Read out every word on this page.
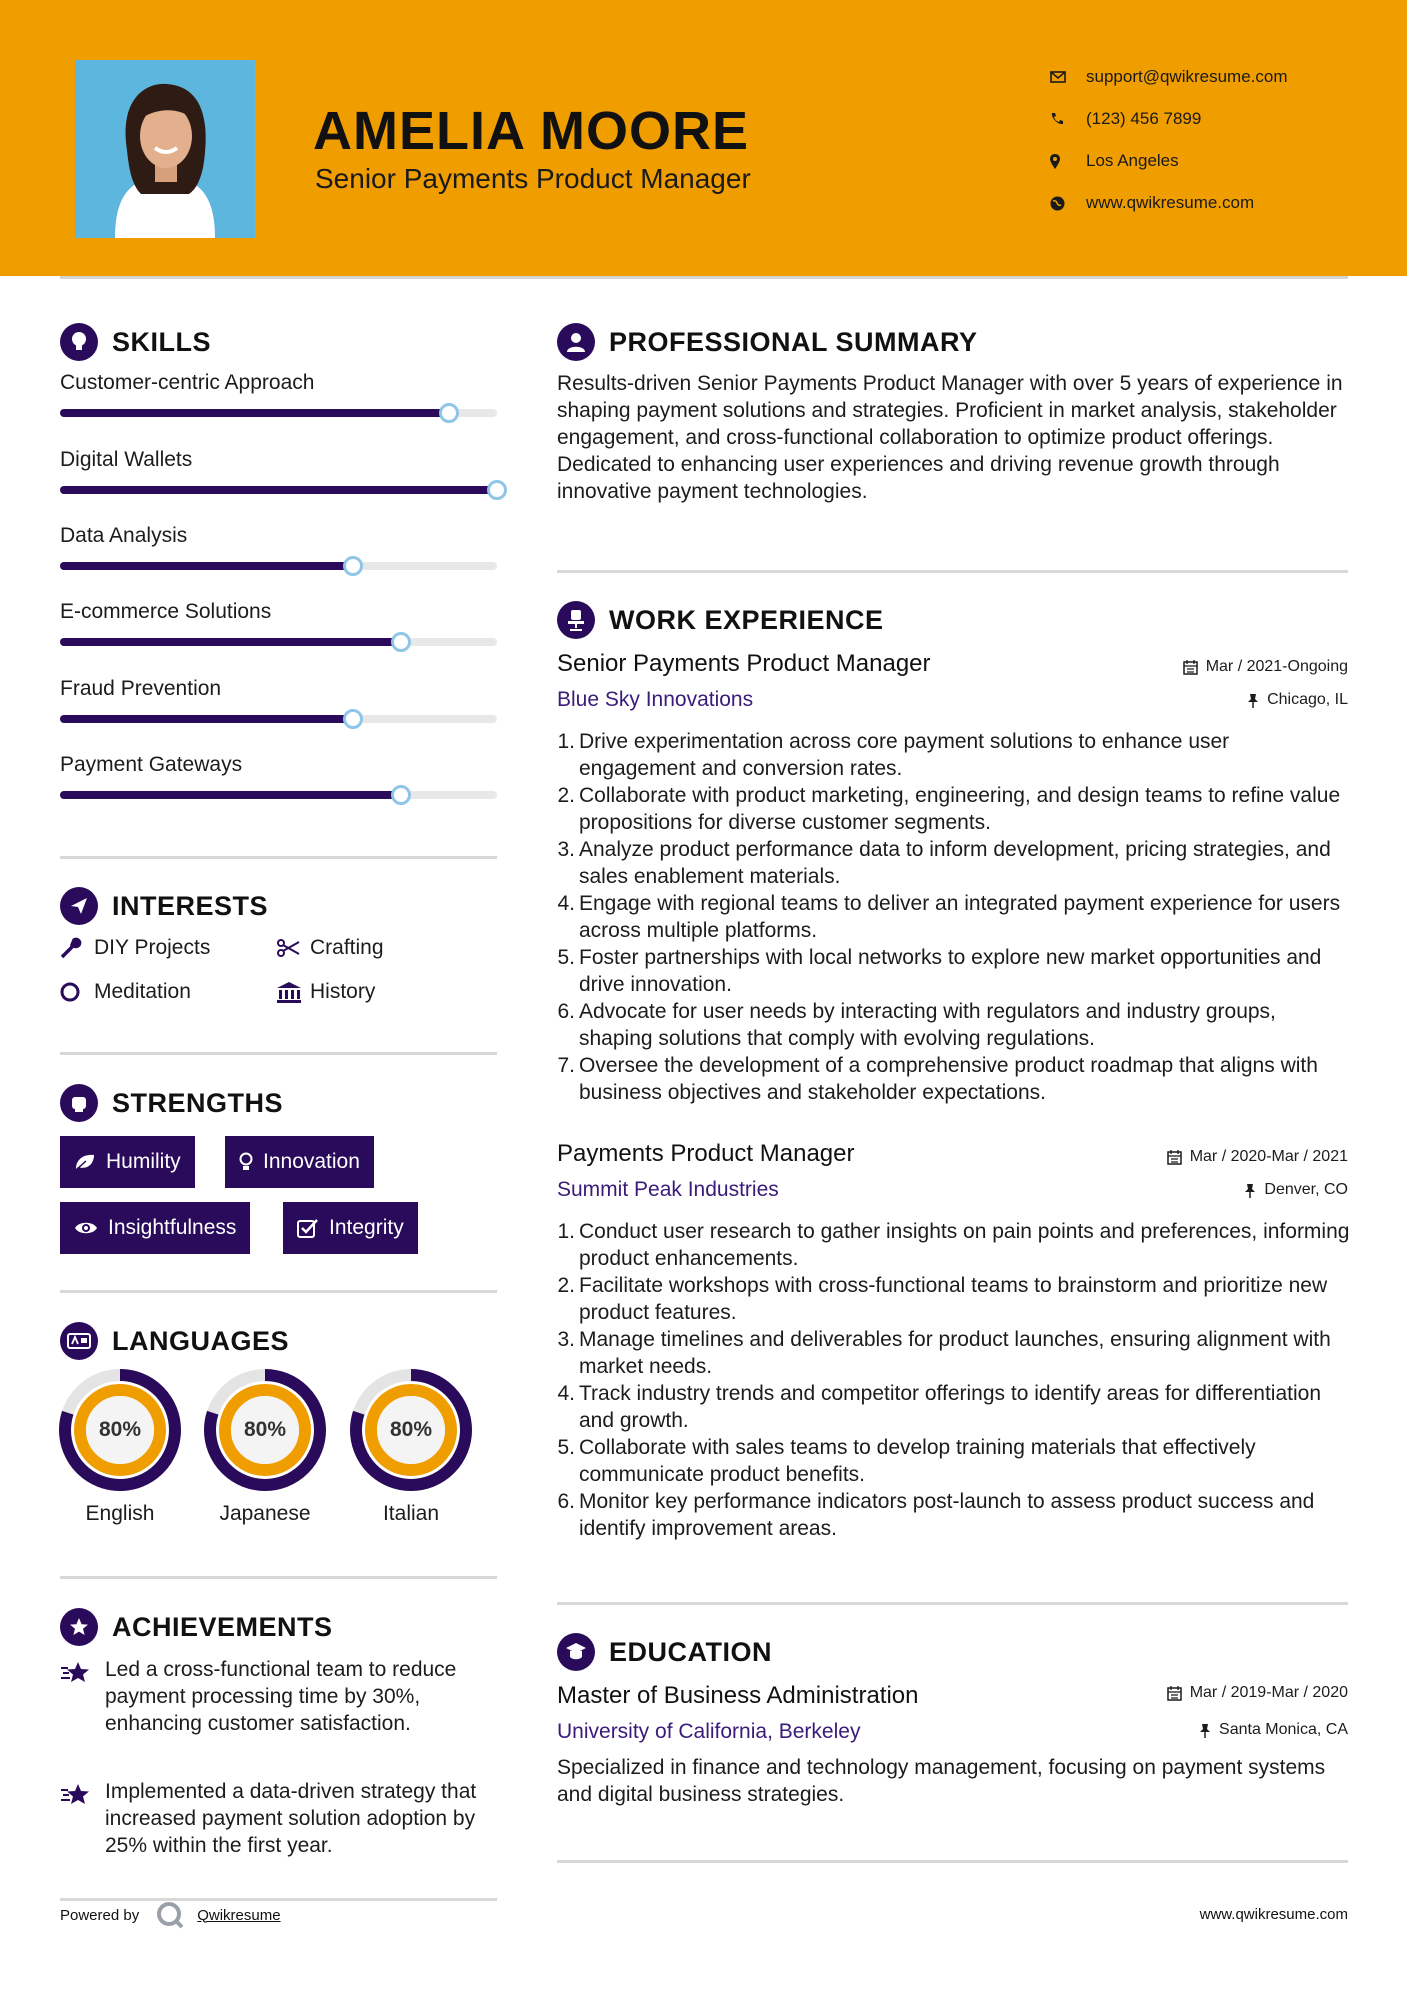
AMELIA MOORE
Senior Payments Product Manager
support@qwikresume.com
(123) 456 7899
Los Angeles
www.qwikresume.com
SKILLS
Customer-centric Approach
Digital Wallets
Data Analysis
E-commerce Solutions
Fraud Prevention
Payment Gateways
INTERESTS
DIY Projects	Crafting
Meditation	History
STRENGTHS
Humility	Innovation
Insightfulness	Integrity
LANGUAGES
80%
English
80%
Japanese
80%
Italian
ACHIEVEMENTS
Led a cross-functional team to reduce payment processing time by 30%, enhancing customer satisfaction.
Implemented a data-driven strategy that increased payment solution adoption by 25% within the first year.
PROFESSIONAL SUMMARY
Results-driven Senior Payments Product Manager with over 5 years of experience in shaping payment solutions and strategies. Proficient in market analysis, stakeholder engagement, and cross-functional collaboration to optimize product offerings. Dedicated to enhancing user experiences and driving revenue growth through innovative payment technologies.
WORK EXPERIENCE
Senior Payments Product Manager	Mar / 2021-Ongoing
Blue Sky Innovations	Chicago, IL
1. Drive experimentation across core payment solutions to enhance user engagement and conversion rates.
2. Collaborate with product marketing, engineering, and design teams to refine value propositions for diverse customer segments.
3. Analyze product performance data to inform development, pricing strategies, and sales enablement materials.
4. Engage with regional teams to deliver an integrated payment experience for users across multiple platforms.
5. Foster partnerships with local networks to explore new market opportunities and drive innovation.
6. Advocate for user needs by interacting with regulators and industry groups, shaping solutions that comply with evolving regulations.
7. Oversee the development of a comprehensive product roadmap that aligns with business objectives and stakeholder expectations.
Payments Product Manager	Mar / 2020-Mar / 2021
Summit Peak Industries	Denver, CO
1. Conduct user research to gather insights on pain points and preferences, informing product enhancements.
2. Facilitate workshops with cross-functional teams to brainstorm and prioritize new product features.
3. Manage timelines and deliverables for product launches, ensuring alignment with market needs.
4. Track industry trends and competitor offerings to identify areas for differentiation and growth.
5. Collaborate with sales teams to develop training materials that effectively communicate product benefits.
6. Monitor key performance indicators post-launch to assess product success and identify improvement areas.
EDUCATION
Master of Business Administration	Mar / 2019-Mar / 2020
University of California, Berkeley	Santa Monica, CA
Specialized in finance and technology management, focusing on payment systems and digital business strategies.
Powered by	Qwikresume	www.qwikresume.com
